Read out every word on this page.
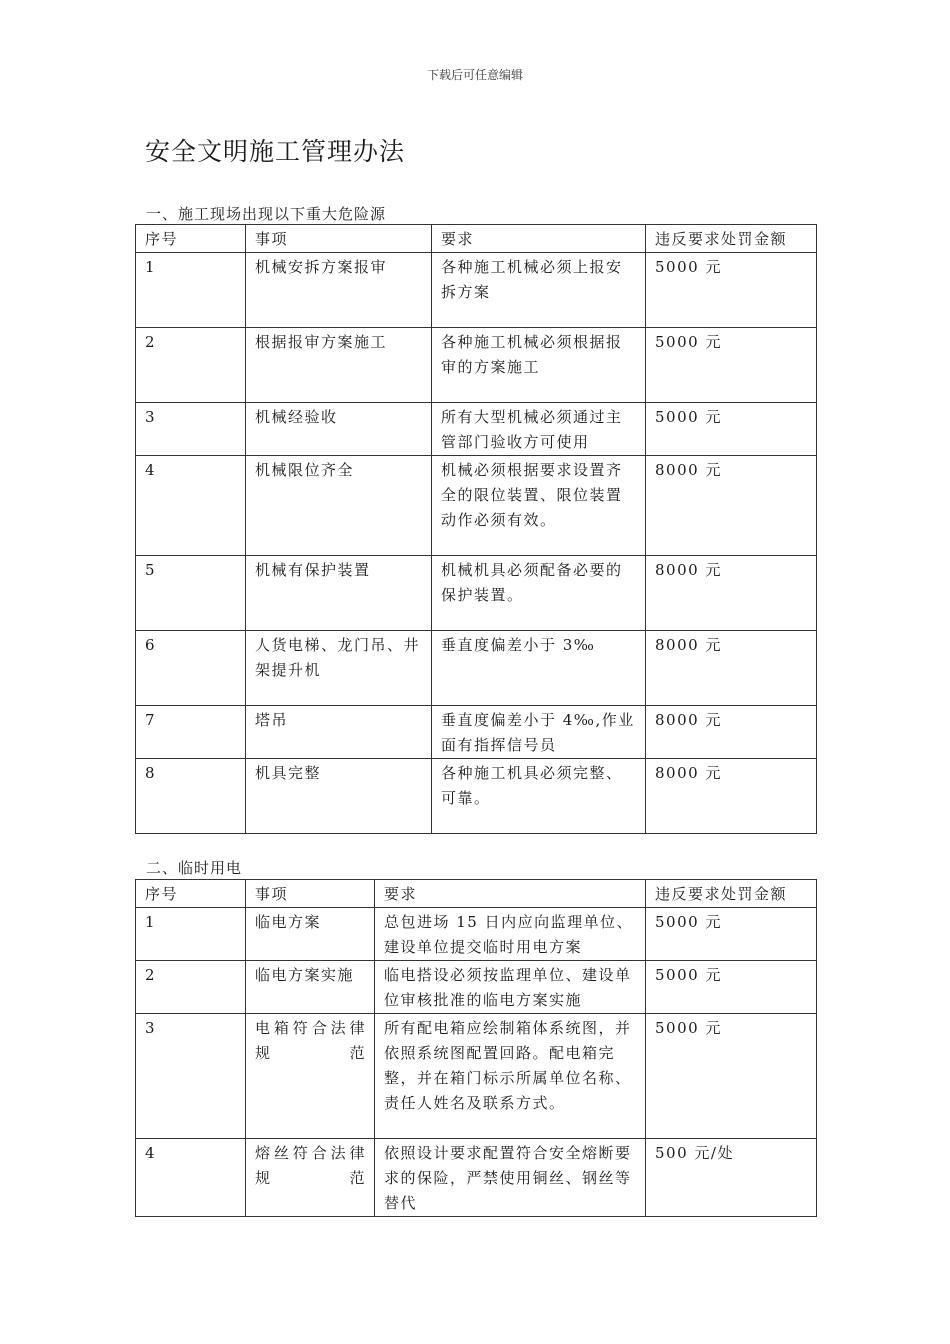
下载后可任意编辑
安全文明施工管理办法
一、施工现场出现以下重大危险源
序号	事项	要求	违反要求处罚金额
1	机械安拆方案报审	各种施工机械必须上报安拆方案	5000 元
2	根据报审方案施工	各种施工机械必须根据报审的方案施工	5000 元
3	机械经验收	所有大型机械必须通过主管部门验收方可使用	5000 元
4	机械限位齐全	机械必须根据要求设置齐全的限位装置、限位装置动作必须有效。	8000 元
5	机械有保护装置	机械机具必须配备必要的保护装置。	8000 元
6	人货电梯、龙门吊、井架提升机	垂直度偏差小于 3‰	8000 元
7	塔吊	垂直度偏差小于 4‰,作业面有指挥信号员	8000 元
8	机具完整	各种施工机具必须完整、可靠。	8000 元
二、临时用电
序号	事项	要求	违反要求处罚金额
1	临电方案	总包进场 15 日内应向监理单位、建设单位提交临时用电方案	5000 元
2	临电方案实施	临电搭设必须按监理单位、建设单位审核批准的临电方案实施	5000 元
3	电箱符合法律规范	所有配电箱应绘制箱体系统图，并依照系统图配置回路。配电箱完整，并在箱门标示所属单位名称、责任人姓名及联系方式。	5000 元
4	熔丝符合法律规范	依照设计要求配置符合安全熔断要求的保险，严禁使用铜丝、钢丝等替代	500 元/处
